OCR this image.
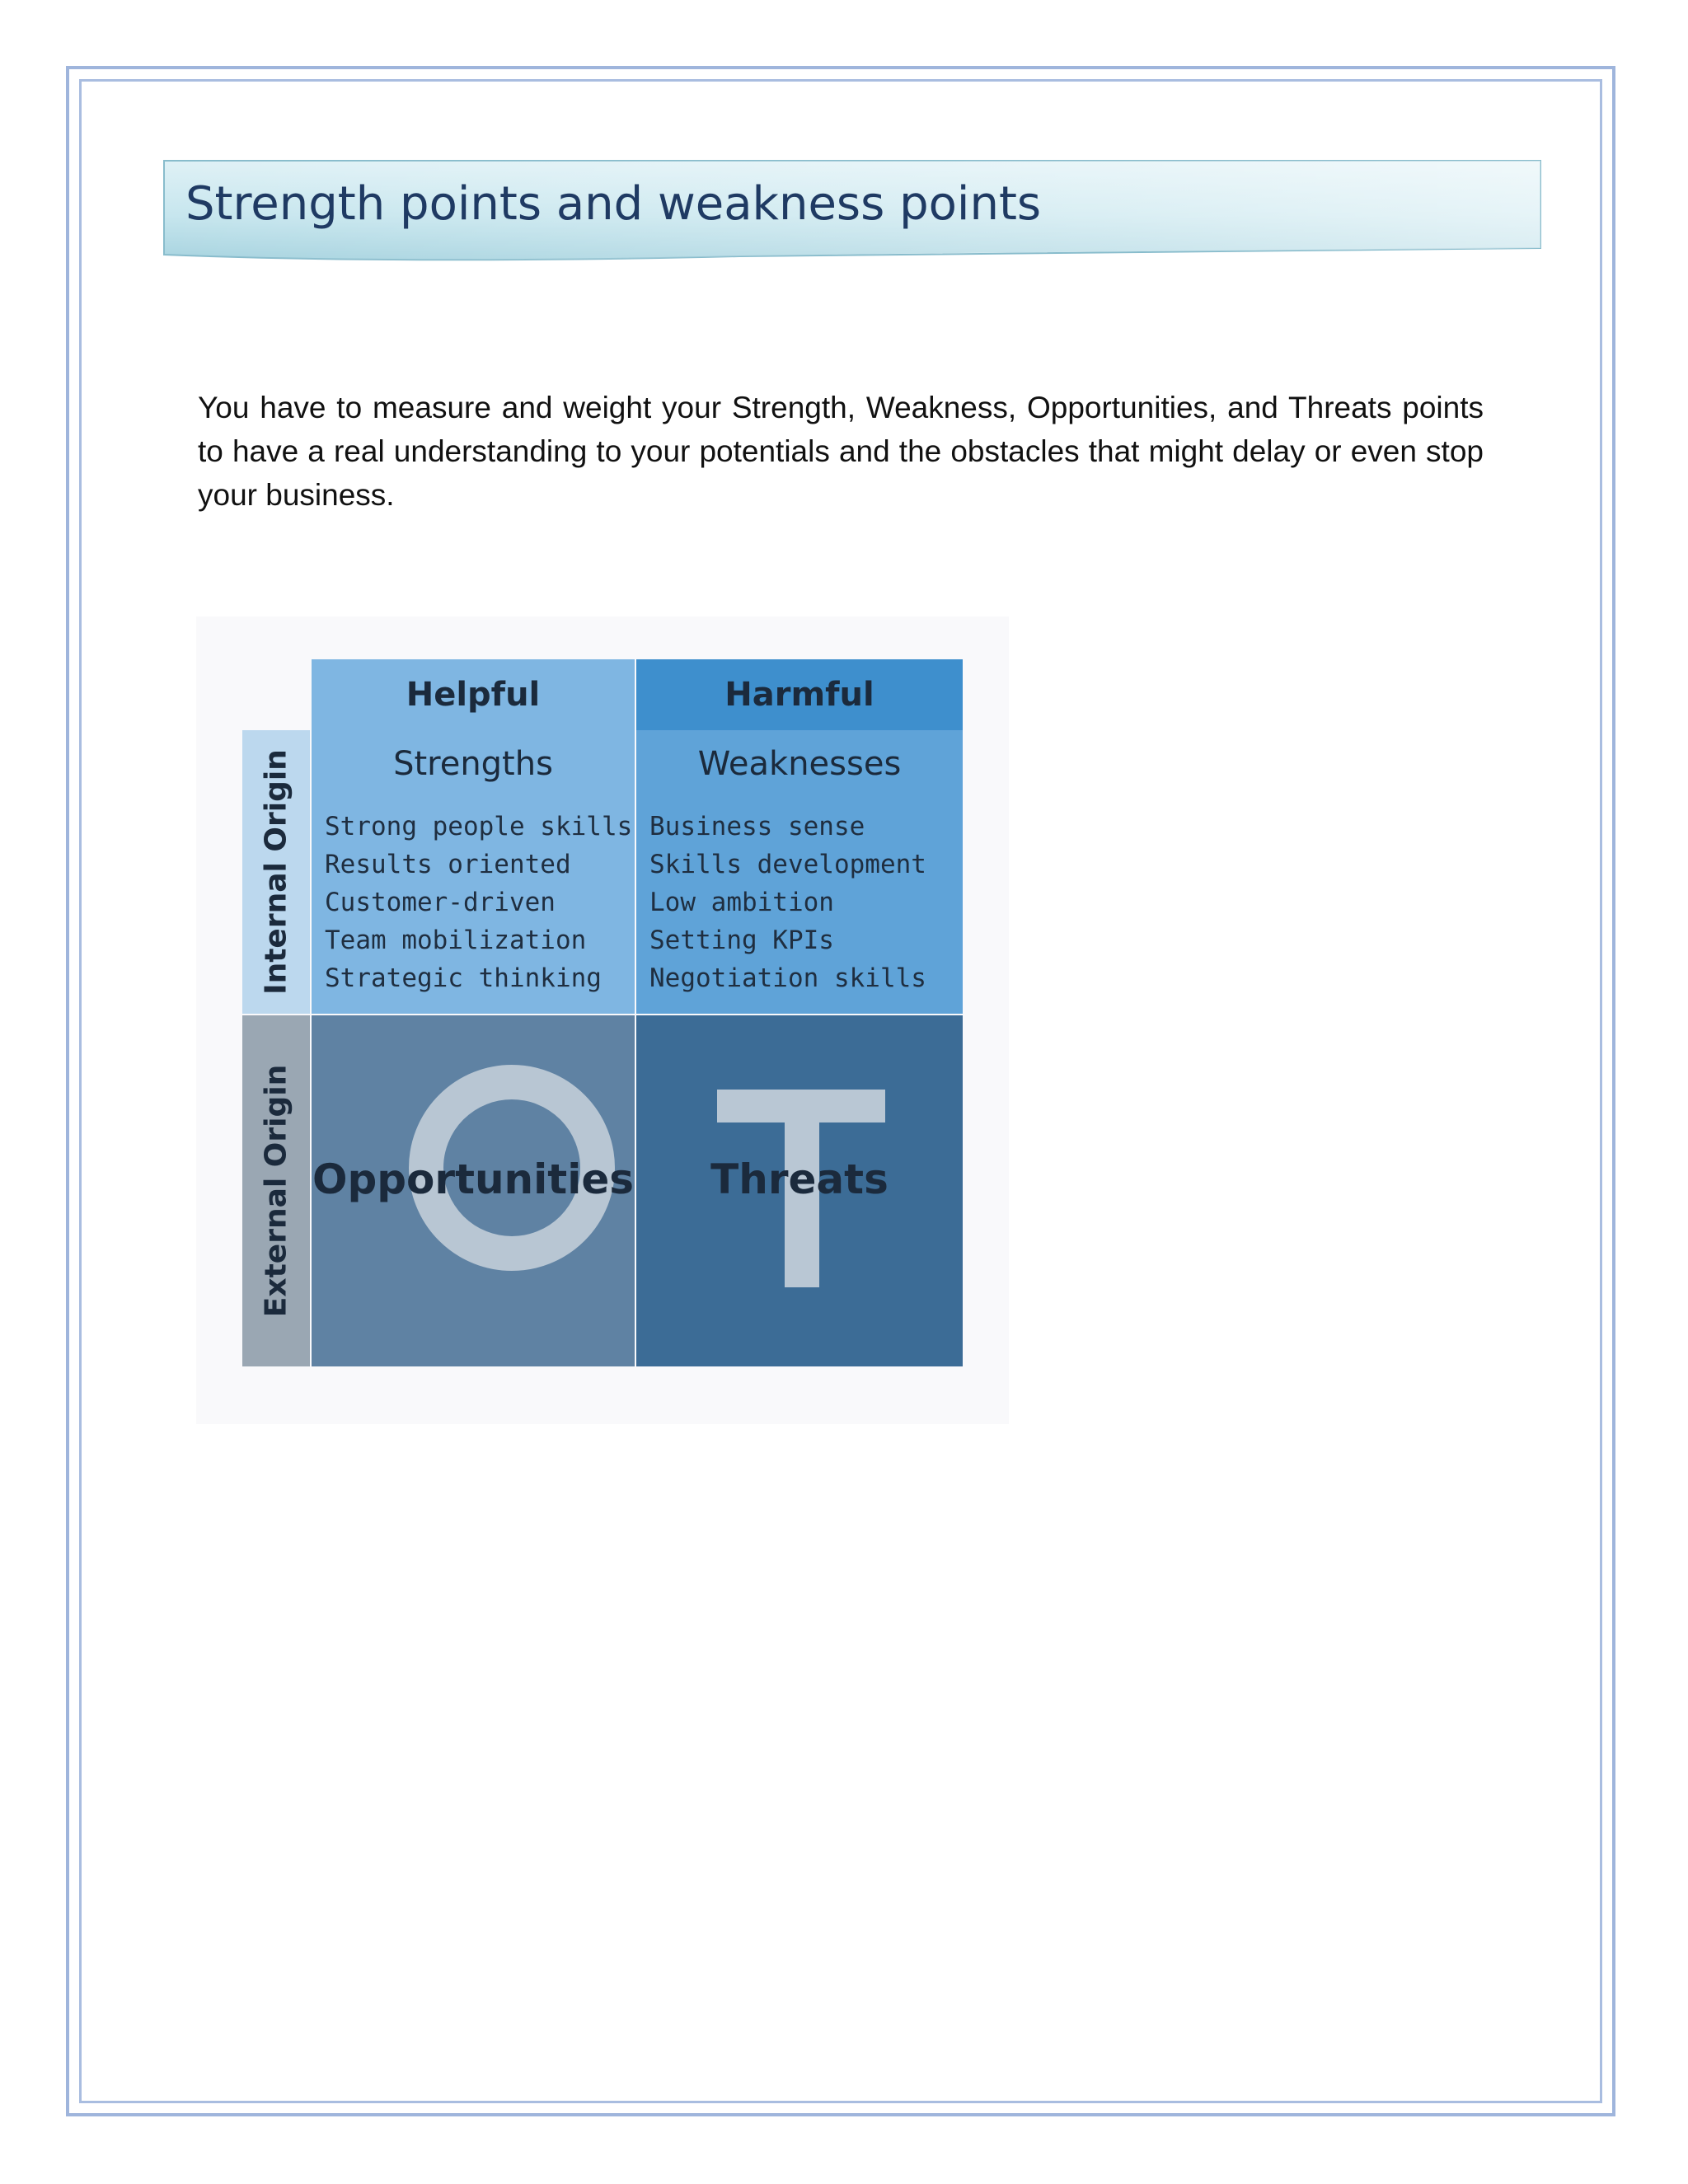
Strength points and weakness points
You have to measure and weight your Strength, Weakness, Opportunities, and Threats points to have a real understanding to your potentials and the obstacles that might delay or even stop your business.
Helpful	Harmful
Internal Origin
External Origin
Strengths
Strong people skills
Results oriented
Customer-driven
Team mobilization
Strategic thinking
Weaknesses
Business sense
Skills development
Low ambition
Setting KPIs
Negotiation skills
Opportunities	Threats
